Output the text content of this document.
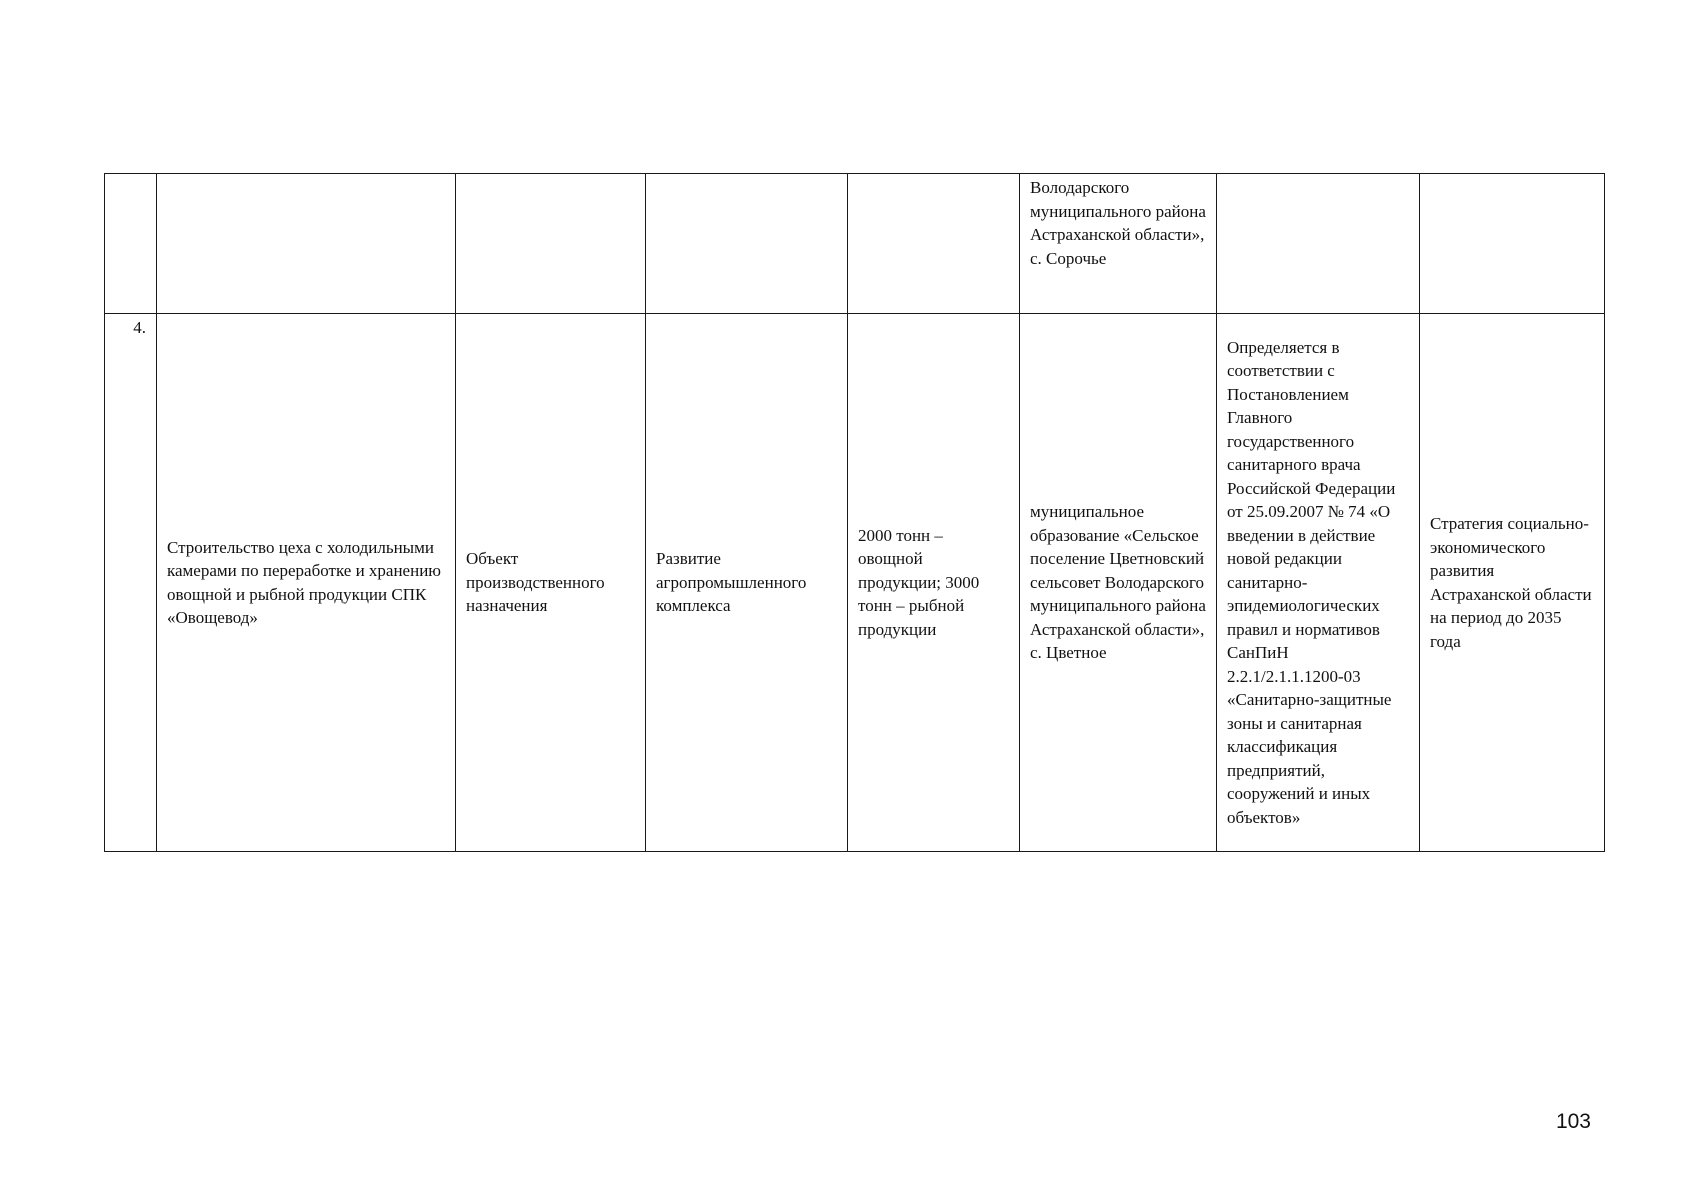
					Володарского муниципального района Астраханской области», с. Сорочье		
4.	Строительство цеха с холодильными камерами по переработке и хранению овощной и рыбной продукции СПК «Овощевод»	Объект производственного назначения	Развитие агропромышленного комплекса	2000 тонн – овощной продукции; 3000 тонн – рыбной продукции	муниципальное образование «Сельское поселение Цветновский сельсовет Володарского муниципального района Астраханской области», с. Цветное	Определяется в соответствии с Постановлением Главного государственного санитарного врача Российской Федерации от 25.09.2007 № 74 «О введении в действие новой редакции санитарно-эпидемиологических правил и нормативов СанПиН 2.2.1/2.1.1.1200-03 «Санитарно-защитные зоны и санитарная классификация предприятий, сооружений и иных объектов»	Стратегия социально-экономического развития Астраханской области на период до 2035 года
103
